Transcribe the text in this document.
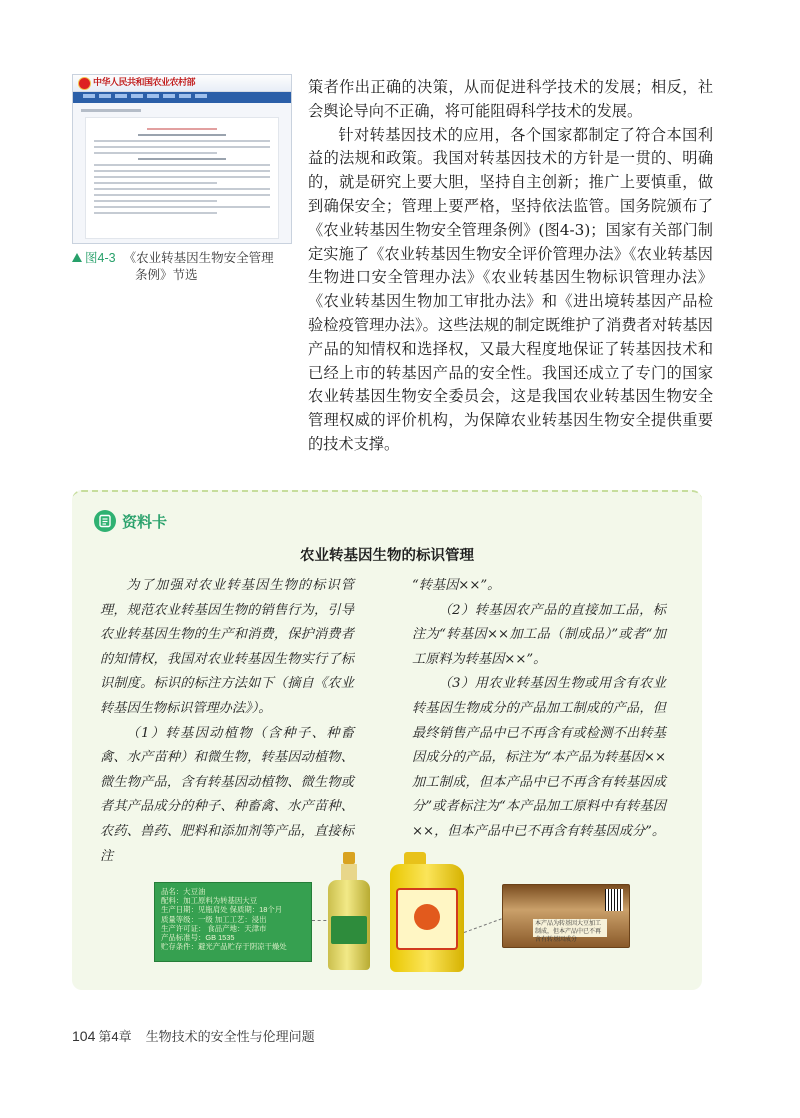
中华人民共和国农业农村部
图4-3 《农业转基因生物安全管理
条例》节选

策者作出正确的决策，从而促进科学技术的发展；相反，社会舆论导向不正确，将可能阻碍科学技术的发展。

针对转基因技术的应用，各个国家都制定了符合本国利益的法规和政策。我国对转基因技术的方针是一贯的、明确的，就是研究上要大胆，坚持自主创新；推广上要慎重，做到确保安全；管理上要严格，坚持依法监管。国务院颁布了《农业转基因生物安全管理条例》(图4-3)；国家有关部门制定实施了《农业转基因生物安全评价管理办法》《农业转基因生物进口安全管理办法》《农业转基因生物标识管理办法》《农业转基因生物加工审批办法》和《进出境转基因产品检验检疫管理办法》。这些法规的制定既维护了消费者对转基因产品的知情权和选择权，又最大程度地保证了转基因技术和已经上市的转基因产品的安全性。我国还成立了专门的国家农业转基因生物安全委员会，这是我国农业转基因生物安全管理权威的评价机构，为保障农业转基因生物安全提供重要的技术支撑。

资料卡
农业转基因生物的标识管理

为了加强对农业转基因生物的标识管理，规范农业转基因生物的销售行为，引导农业转基因生物的生产和消费，保护消费者的知情权，我国对农业转基因生物实行了标识制度。标识的标注方法如下（摘自《农业转基因生物标识管理办法》）。

（1）转基因动植物（含种子、种畜禽、水产苗种）和微生物，转基因动植物、微生物产品，含有转基因动植物、微生物或者其产品成分的种子、种畜禽、水产苗种、农药、兽药、肥料和添加剂等产品，直接标注

“转基因××”。

（2）转基因农产品的直接加工品，标注为“转基因××加工品（制成品）”或者“加工原料为转基因××”。

（3）用农业转基因生物或用含有农业转基因生物成分的产品加工制成的产品，但最终销售产品中已不再含有或检测不出转基因成分的产品，标注为“本产品为转基因××加工制成，但本产品中已不再含有转基因成分”或者标注为“本产品加工原料中有转基因××，但本产品中已不再含有转基因成分”。

品名：大豆油
配料：加工原料为转基因大豆
生产日期：见瓶肩处 保质期：18个月
质量等级：一级 加工工艺：浸出
生产许可证： 食品产地：天津市
产品标准号：GB 1535
贮存条件：避光产品贮存于阴凉干燥处
本产品为转基因大豆加工制成，但本产品中已不再含有转基因成分
104 第4章 生物技术的安全性与伦理问题
